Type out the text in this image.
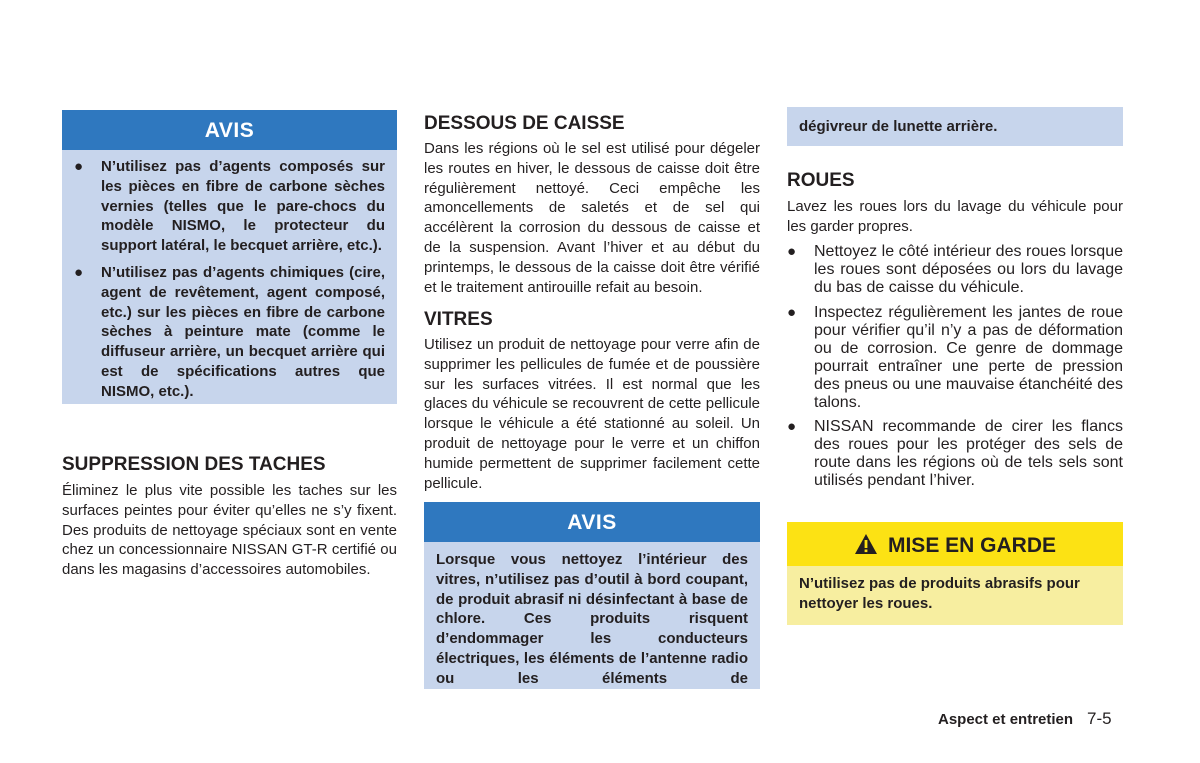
AVIS
● N’utilisez pas d’agents composés sur les pièces en fibre de carbone sèches vernies (telles que le pare-chocs du modèle NISMO, le protecteur du support latéral, le becquet arrière, etc.).
● N’utilisez pas d’agents chimiques (cire, agent de revêtement, agent composé, etc.) sur les pièces en fibre de carbone sèches à peinture mate (comme le diffuseur arrière, un becquet arrière qui est de spécifications autres que NISMO, etc.).
SUPPRESSION DES TACHES

Éliminez le plus vite possible les taches sur les surfaces peintes pour éviter qu’elles ne s’y fixent. Des produits de nettoyage spéciaux sont en vente chez un concessionnaire NISSAN GT-R certifié ou dans les magasins d’accessoires automobiles.

DESSOUS DE CAISSE

Dans les régions où le sel est utilisé pour dégeler les routes en hiver, le dessous de caisse doit être régulièrement nettoyé. Ceci empêche les amoncellements de saletés et de sel qui accélèrent la corrosion du dessous de caisse et de la suspension. Avant l’hiver et au début du printemps, le dessous de la caisse doit être vérifié et le traitement antirouille refait au besoin.

VITRES

Utilisez un produit de nettoyage pour verre afin de supprimer les pellicules de fumée et de poussière sur les surfaces vitrées. Il est normal que les glaces du véhicule se recouvrent de cette pellicule lorsque le véhicule a été stationné au soleil. Un produit de nettoyage pour le verre et un chiffon humide permettent de supprimer facilement cette pellicule.

AVIS

Lorsque vous nettoyez l’intérieur des vitres, n’utilisez pas d’outil à bord coupant, de produit abrasif ni désinfectant à base de chlore. Ces produits risquent d’endommager les conducteurs électriques, les éléments de l’antenne radio ou les éléments de

dégivreur de lunette arrière.
ROUES

Lavez les roues lors du lavage du véhicule pour les garder propres.

● Nettoyez le côté intérieur des roues lorsque les roues sont déposées ou lors du lavage du bas de caisse du véhicule.
● Inspectez régulièrement les jantes de roue pour vérifier qu’il n’y a pas de déformation ou de corrosion. Ce genre de dommage pourrait entraîner une perte de pression des pneus ou une mauvaise étanchéité des talons.
● NISSAN recommande de cirer les flancs des roues pour les protéger des sels de route dans les régions où de tels sels sont utilisés pendant l’hiver.
MISE EN GARDE
N’utilisez pas de produits abrasifs pour nettoyer les roues.
Aspect et entretien 7-5
